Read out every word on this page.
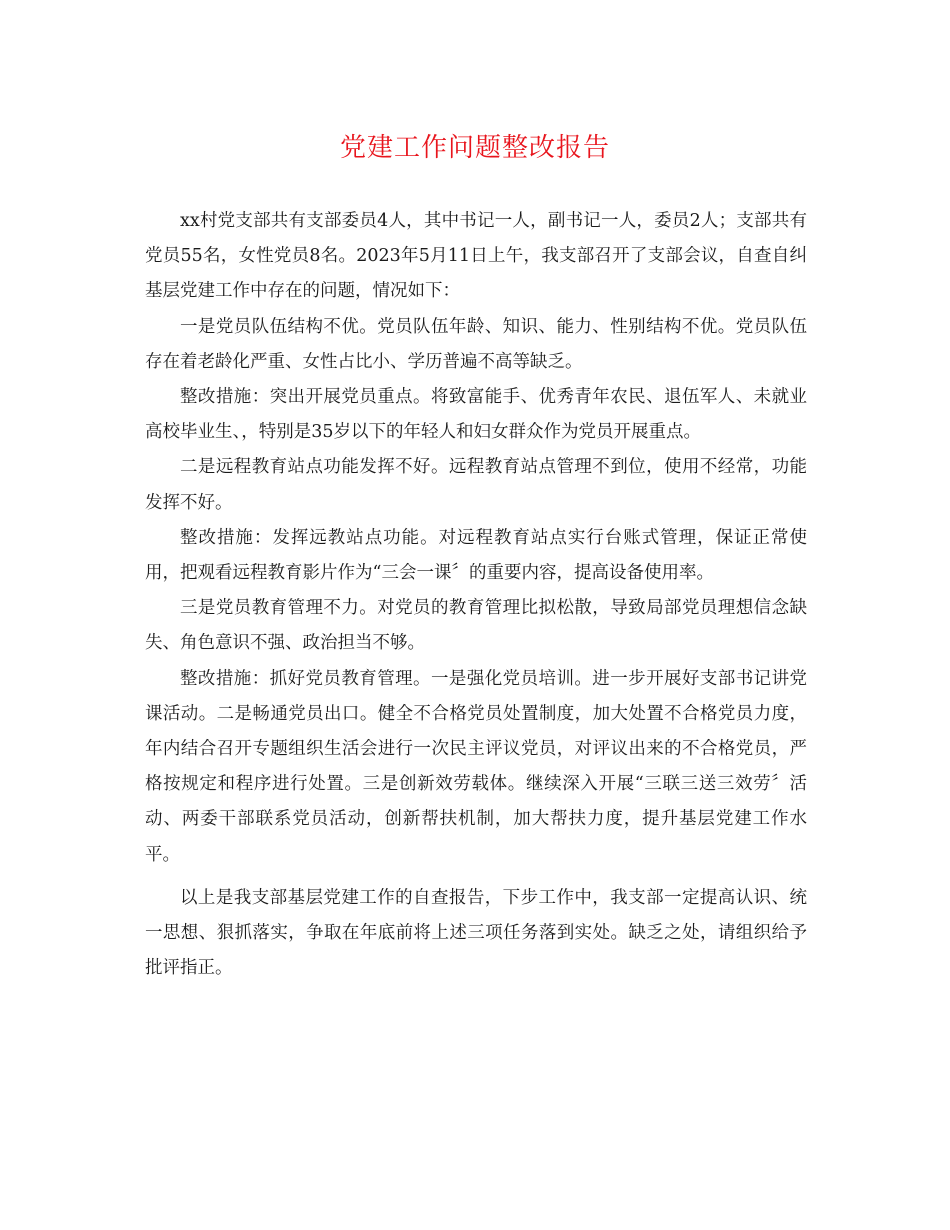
党建工作问题整改报告

xx村党支部共有支部委员4人，其中书记一人，副书记一人，委员2人；支部共有党员55名，女性党员8名。2023年5月11日上午，我支部召开了支部会议，自查自纠基层党建工作中存在的问题，情况如下：

一是党员队伍结构不优。党员队伍年龄、知识、能力、性别结构不优。党员队伍存在着老龄化严重、女性占比小、学历普遍不高等缺乏。

整改措施：突出开展党员重点。将致富能手、优秀青年农民、退伍军人、未就业高校毕业生、，特别是35岁以下的年轻人和妇女群众作为党员开展重点。

二是远程教育站点功能发挥不好。远程教育站点管理不到位，使用不经常，功能发挥不好。

整改措施：发挥远教站点功能。对远程教育站点实行台账式管理，保证正常使用，把观看远程教育影片作为“三会一课〞的重要内容，提高设备使用率。

三是党员教育管理不力。对党员的教育管理比拟松散，导致局部党员理想信念缺失、角色意识不强、政治担当不够。

整改措施：抓好党员教育管理。一是强化党员培训。进一步开展好支部书记讲党课活动。二是畅通党员出口。健全不合格党员处置制度，加大处置不合格党员力度，年内结合召开专题组织生活会进行一次民主评议党员，对评议出来的不合格党员，严格按规定和程序进行处置。三是创新效劳载体。继续深入开展“三联三送三效劳〞活动、两委干部联系党员活动，创新帮扶机制，加大帮扶力度，提升基层党建工作水平。

以上是我支部基层党建工作的自查报告，下步工作中，我支部一定提高认识、统一思想、狠抓落实，争取在年底前将上述三项任务落到实处。缺乏之处，请组织给予批评指正。
